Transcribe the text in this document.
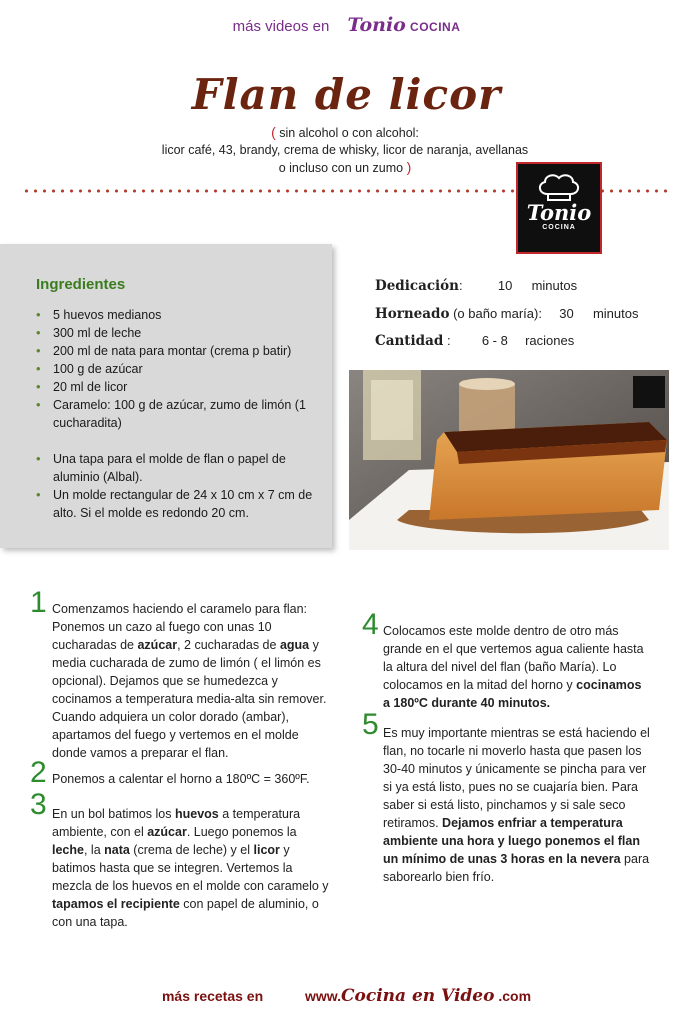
más videos en Tonio COCINA
Flan de licor
( sin alcohol o con alcohol:
licor café, 43, brandy, crema de whisky, licor de naranja, avellanas
o incluso con un zumo )
Tonio
COCINA
Ingredientes
• 5 huevos medianos
• 300 ml de leche
• 200 ml de nata para montar (crema p batir)
• 100 g de azúcar
• 20 ml de licor
• Caramelo: 100 g de azúcar, zumo de limón (1 cucharadita)
• Una tapa para el molde de flan o papel de aluminio (Albal).
• Un molde rectangular de 24 x 10 cm x 7 cm de alto. Si el molde es redondo 20 cm.
Dedicación:	10 minutos
Horneado (o baño maría): 30 minutos
Cantidad : 6 - 8 raciones
1 Comenzamos haciendo el caramelo para flan: Ponemos un cazo al fuego con unas 10 cucharadas de azúcar, 2 cucharadas de agua y media cucharada de zumo de limón ( el limón es opcional). Dejamos que se humedezca y cocinamos a temperatura media-alta sin remover. Cuando adquiera un color dorado (ambar), apartamos del fuego y vertemos en el molde donde vamos a preparar el flan.
2 Ponemos a calentar el horno a 180ºC = 360ºF.
3 En un bol batimos los huevos a temperatura ambiente, con el azúcar. Luego ponemos la leche, la nata (crema de leche) y el licor y batimos hasta que se integren. Vertemos la mezcla de los huevos en el molde con caramelo y tapamos el recipiente con papel de aluminio, o con una tapa.
4 Colocamos este molde dentro de otro más grande en el que vertemos agua caliente hasta la altura del nivel del flan (baño María). Lo colocamos en la mitad del horno y cocinamos a 180ºC durante 40 minutos.
5 Es muy importante mientras se está haciendo el flan, no tocarle ni moverlo hasta que pasen los 30-40 minutos y únicamente se pincha para ver si ya está listo, pues no se cuajaría bien. Para saber si está listo, pinchamos y si sale seco retiramos. Dejamos enfriar a temperatura ambiente una hora y luego ponemos el flan un mínimo de unas 3 horas en la nevera para saborearlo bien frío.
más recetas en	www.Cocina en Video .com
